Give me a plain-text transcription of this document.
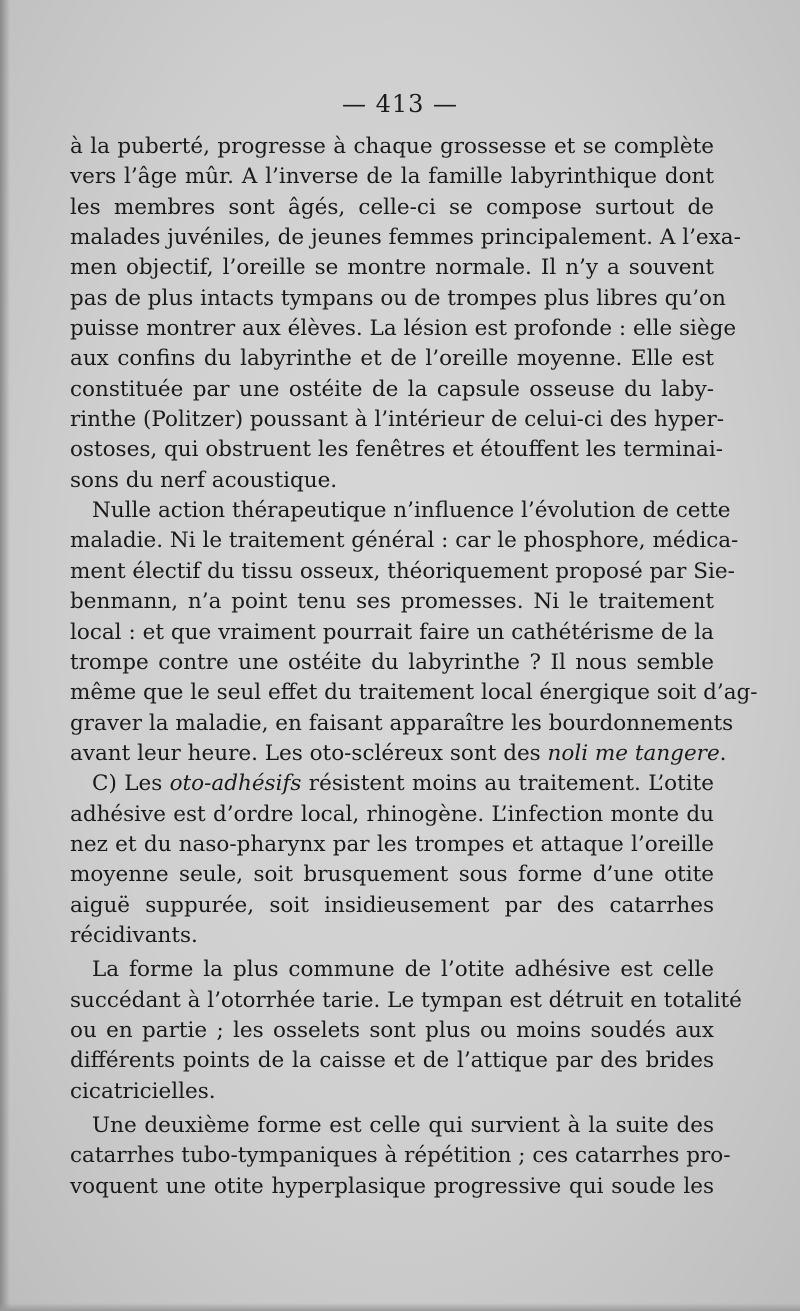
— 413 —
à la puberté, progresse à chaque grossesse et se complète
vers l’âge mûr. A l’inverse de la famille labyrinthique dont
les membres sont âgés, celle-ci se compose surtout de
malades juvéniles, de jeunes femmes principalement. A l’exa-
men objectif, l’oreille se montre normale. Il n’y a souvent
pas de plus intacts tympans ou de trompes plus libres qu’on
puisse montrer aux élèves. La lésion est profonde : elle siège
aux confins du labyrinthe et de l’oreille moyenne. Elle est
constituée par une ostéite de la capsule osseuse du laby-
rinthe (Politzer) poussant à l’intérieur de celui-ci des hyper-
ostoses, qui obstruent les fenêtres et étouffent les terminai-
sons du nerf acoustique.
Nulle action thérapeutique n’influence l’évolution de cette
maladie. Ni le traitement général : car le phosphore, médica-
ment électif du tissu osseux, théoriquement proposé par Sie-
benmann, n’a point tenu ses promesses. Ni le traitement
local : et que vraiment pourrait faire un cathétérisme de la
trompe contre une ostéite du labyrinthe ? Il nous semble
même que le seul effet du traitement local énergique soit d’ag-
graver la maladie, en faisant apparaître les bourdonnements
avant leur heure. Les oto-scléreux sont des noli me tangere.
C) Les oto-adhésifs résistent moins au traitement. L’otite
adhésive est d’ordre local, rhinogène. L’infection monte du
nez et du naso-pharynx par les trompes et attaque l’oreille
moyenne seule, soit brusquement sous forme d’une otite
aiguë suppurée, soit insidieusement par des catarrhes
récidivants.
La forme la plus commune de l’otite adhésive est celle
succédant à l’otorrhée tarie. Le tympan est détruit en totalité
ou en partie ; les osselets sont plus ou moins soudés aux
différents points de la caisse et de l’attique par des brides
cicatricielles.
Une deuxième forme est celle qui survient à la suite des
catarrhes tubo-tympaniques à répétition ; ces catarrhes pro-
voquent une otite hyperplasique progressive qui soude les
